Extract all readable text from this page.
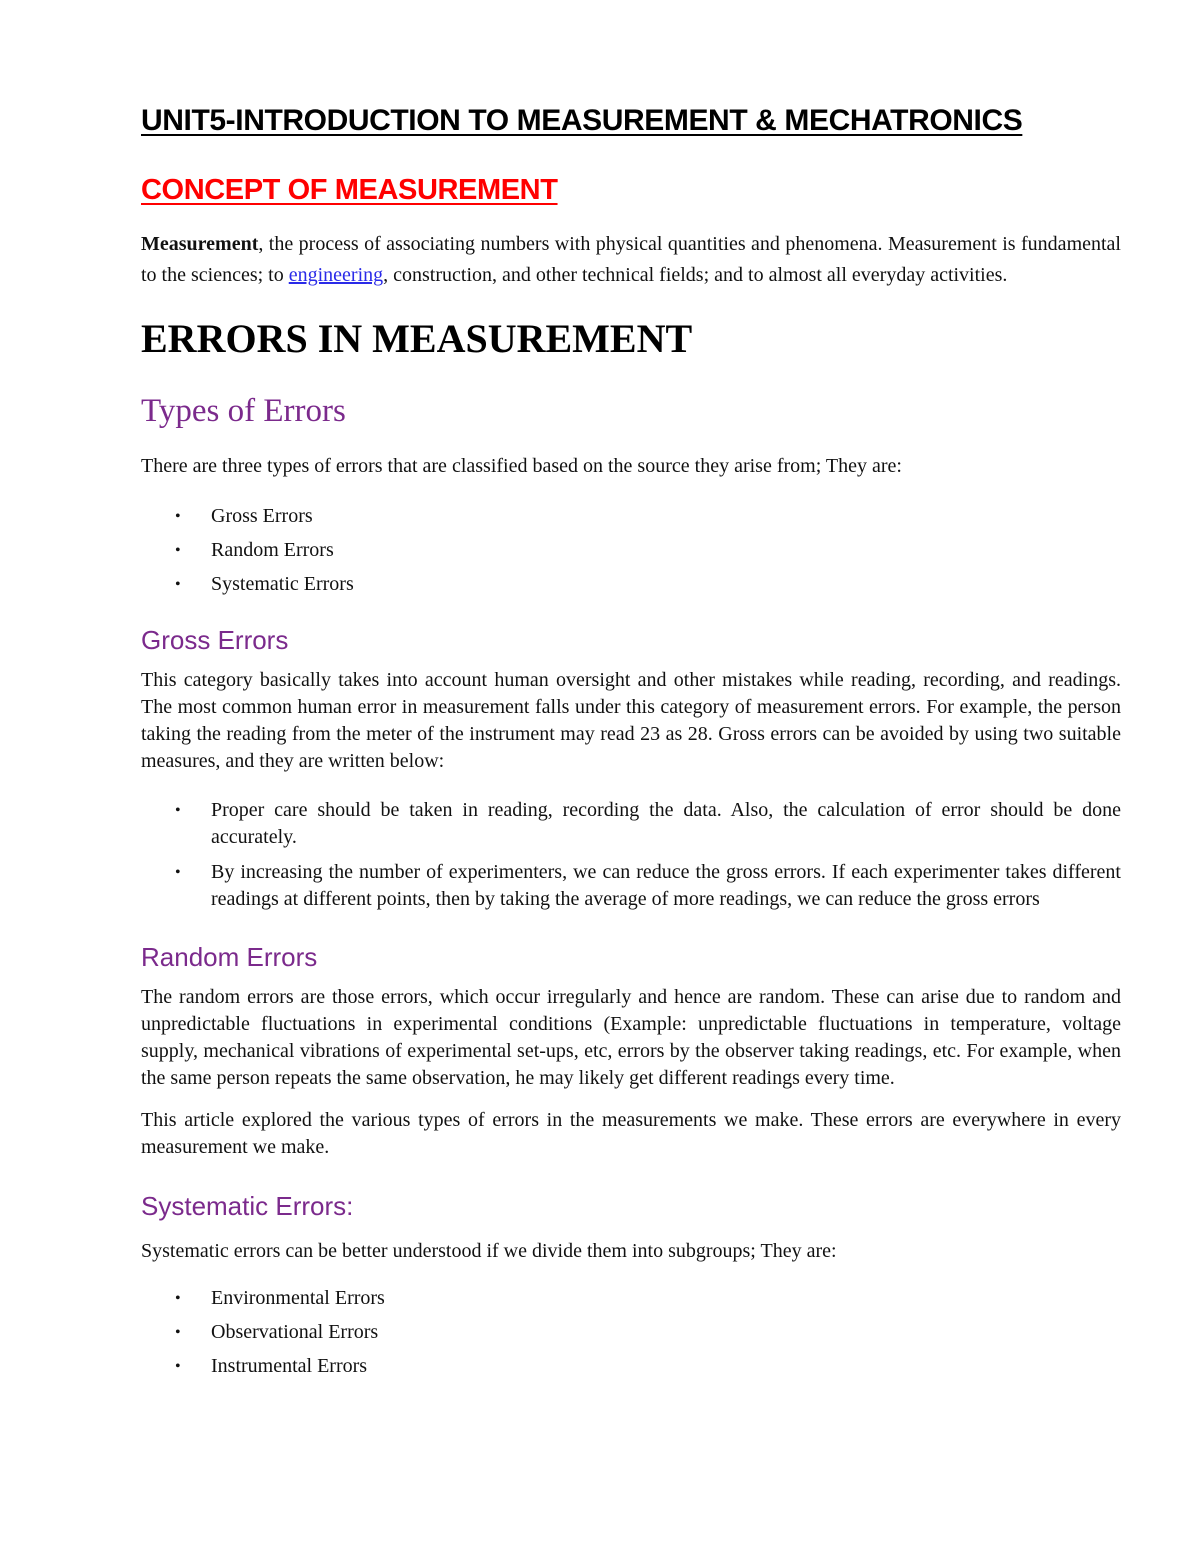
UNIT5-INTRODUCTION TO MEASUREMENT & MECHATRONICS
CONCEPT OF MEASUREMENT

Measurement, the process of associating numbers with physical quantities and phenomena. Measurement is fundamental to the sciences; to engineering, construction, and other technical fields; and to almost all everyday activities.

ERRORS IN MEASUREMENT
Types of Errors

There are three types of errors that are classified based on the source they arise from; They are:

• Gross Errors
• Random Errors
• Systematic Errors
Gross Errors

This category basically takes into account human oversight and other mistakes while reading, recording, and readings. The most common human error in measurement falls under this category of measurement errors. For example, the person taking the reading from the meter of the instrument may read 23 as 28. Gross errors can be avoided by using two suitable measures, and they are written below:

• Proper care should be taken in reading, recording the data. Also, the calculation of error should be done accurately.
• By increasing the number of experimenters, we can reduce the gross errors. If each experimenter takes different readings at different points, then by taking the average of more readings, we can reduce the gross errors
Random Errors

The random errors are those errors, which occur irregularly and hence are random. These can arise due to random and unpredictable fluctuations in experimental conditions (Example: unpredictable fluctuations in temperature, voltage supply, mechanical vibrations of experimental set-ups, etc, errors by the observer taking readings, etc. For example, when the same person repeats the same observation, he may likely get different readings every time.

This article explored the various types of errors in the measurements we make. These errors are everywhere in every measurement we make.

Systematic Errors:

Systematic errors can be better understood if we divide them into subgroups; They are:

• Environmental Errors
• Observational Errors
• Instrumental Errors
